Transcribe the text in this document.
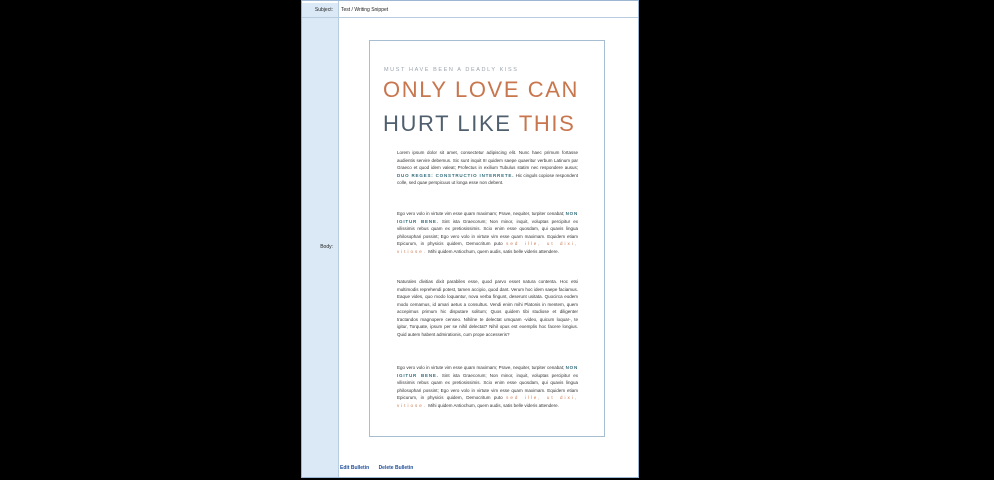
Subject:	Test / Writing Snippet
Body:
MUST HAVE BEEN A DEADLY KISS
ONLY LOVE CAN
HURT LIKE THIS
Lorem ipsum dolor sit amet, consectetur adipiscing elit. Nunc haec primum fortasse audientis servire debemus. Sic sunt inquit III quidem saepe quaeritur verbum Latinum par Graeco et quod idem valeat; Profectus in exilium Tubulus statim nec respondere ausus; DUO REGES: CONSTRUCTIO INTERRETE. Hic cinguls copiose respondent colle, sed quae perspicuus ut longa esse non debent.
Ego vero volo in virtute vim esse quam maximam; Prave, nequiter, turpiter cenabat; NON IGITUR BENE. Sint ista Graecorum; Non minor, inquit, voluptas percipitur ex vilissimis rebus quam ex pretiosissimis. Scio enim esse quosdam, qui quavis lingua philosophari possint; Ego vero volo in virtute vim esse quam maximam. Equidem etiam Epicurum, in physicis quidem, Democritum puto sed ille, ut dixi, vitiose. Mihi quidem Antiochum, quem audis, satis belle videris attendere.
Naturales divitias dixit parabiles esse, quod parvo esset natura contenta. Hoc etsi multimodis reprehendi potest, tamen accipio, quod dant. Verum hoc idem saepe faciamus. Eaque vides, quo modo loquantur, nova verba fingunt, deserunt usitata. Quocirca eodem modo cemamus, id amari aetus a consultus. Vendi enim mihi Platonis in mentem, quem accepimus primum hic disputare solitum; Quos quidem tibi studiose et diligenter tractandos magnopere censeo. Nihilne te delectat umquam -video, quicum loquar-, te igitur, Torquate, ipsum per se nihil delectat? Nihil opus est exemplis hoc facere longius. Quid autem habent admirationis, cum prope accesseris?
Ego vero volo in virtute vim esse quam maximam; Prave, nequiter, turpiter cenabat; NON IGITUR BENE. Sint ista Graecorum; Non minor, inquit, voluptas percipitur ex vilissimis rebus quam ex pretiosissimis. Scio enim esse quosdam, qui quavis lingua philosophari possint; Ego vero volo in virtute vim esse quam maximam. Equidem etiam Epicurum, in physicis quidem, Democritum puto sed ille, ut dixi, vitiose. Mihi quidem Antiochum, quem audis, satis belle videris attendere.
Edit Bulletin Delete Bulletin
